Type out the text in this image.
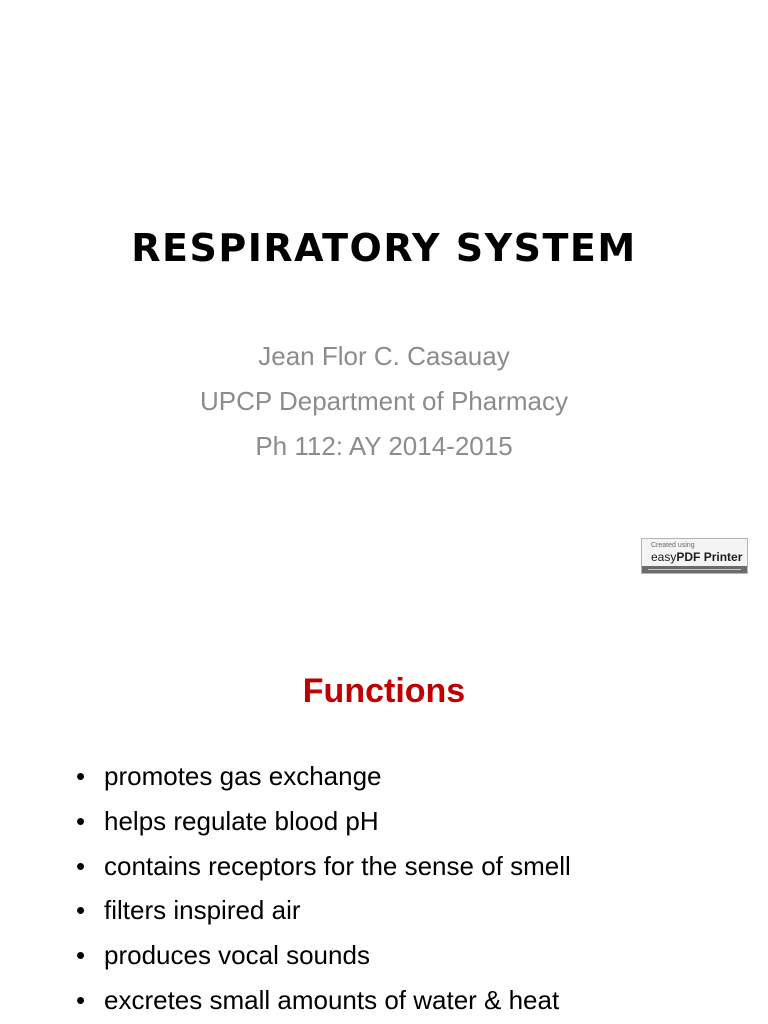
RESPIRATORY SYSTEM
Jean Flor C. Casauay
UPCP Department of Pharmacy
Ph 112: AY 2014-2015
Created using
easyPDF Printer
Functions
• promotes gas exchange
• helps regulate blood pH
• contains receptors for the sense of smell
• filters inspired air
• produces vocal sounds
• excretes small amounts of water & heat
